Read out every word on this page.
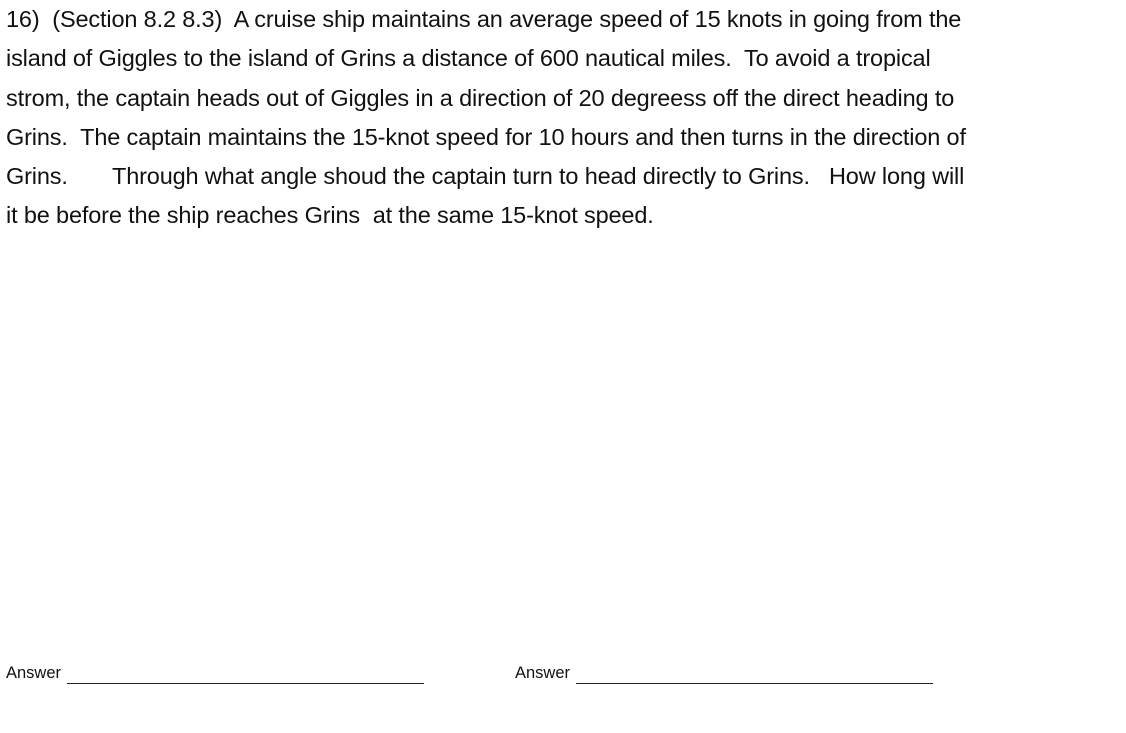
16)  (Section 8.2 8.3)  A cruise ship maintains an average speed of 15 knots in going from the
island of Giggles to the island of Grins a distance of 600 nautical miles.  To avoid a tropical
strom, the captain heads out of Giggles in a direction of 20 degreess off the direct heading to
Grins.  The captain maintains the 15-knot speed for 10 hours and then turns in the direction of
Grins.       Through what angle shoud the captain turn to head directly to Grins.   How long will
it be before the ship reaches Grins  at the same 15-knot speed.
Answer	Answer
